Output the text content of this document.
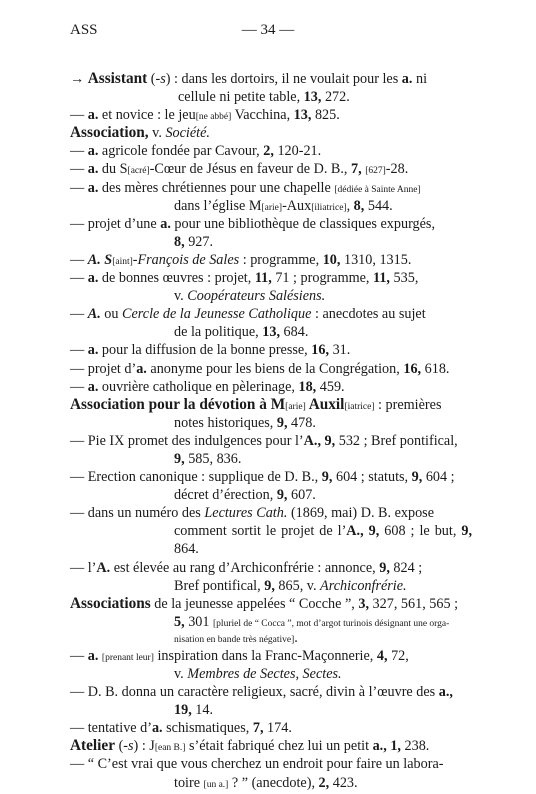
ASS	— 34 —
→ Assistant (-s) : dans les dortoirs, il ne voulait pour les a. ni
cellule ni petite table, 13, 272.
— a. et novice : le jeu[ne abbé] Vacchina, 13, 825.
Association, v. Société.
— a. agricole fondée par Cavour, 2, 120-21.
— a. du S[acré]-Cœur de Jésus en faveur de D. B., 7, [627]-28.
— a. des mères chrétiennes pour une chapelle [dédiée à Sainte Anne]
dans l’église M[arie]-Aux[iliatrice], 8, 544.
— projet d’une a. pour une bibliothèque de classiques expurgés,
8, 927.
— A. S[aint]-François de Sales : programme, 10, 1310, 1315.
— a. de bonnes œuvres : projet, 11, 71 ; programme, 11, 535,
v. Coopérateurs Salésiens.
— A. ou Cercle de la Jeunesse Catholique : anecdotes au sujet
de la politique, 13, 684.
— a. pour la diffusion de la bonne presse, 16, 31.
— projet d’a. anonyme pour les biens de la Congrégation, 16, 618.
— a. ouvrière catholique en pèlerinage, 18, 459.
Association pour la dévotion à M[arie] Auxil[iatrice] : premières
notes historiques, 9, 478.
— Pie IX promet des indulgences pour l’A., 9, 532 ; Bref pontifical,
9, 585, 836.
— Erection canonique : supplique de D. B., 9, 604 ; statuts, 9, 604 ;
décret d’érection, 9, 607.
— dans un numéro des Lectures Cath. (1869, mai) D. B. expose
comment sortit le projet de l’A., 9, 608 ; le but, 9, 864.
— l’A. est élevée au rang d’Archiconfrérie : annonce, 9, 824 ;
Bref pontifical, 9, 865, v. Archiconfrérie.
Associations de la jeunesse appelées “ Cocche ”, 3, 327, 561, 565 ;
5, 301 [pluriel de “ Cocca ”, mot d’argot turinois désignant une orga-
nisation en bande très négative].
— a. [prenant leur] inspiration dans la Franc-Maçonnerie, 4, 72,
v. Membres de Sectes, Sectes.
— D. B. donna un caractère religieux, sacré, divin à l’œuvre des a.,
19, 14.
— tentative d’a. schismatiques, 7, 174.
Atelier (-s) : J[ean B.] s’était fabriqué chez lui un petit a., 1, 238.
— “ C’est vrai que vous cherchez un endroit pour faire un labora-
toire [un a.] ? ” (anecdote), 2, 423.
